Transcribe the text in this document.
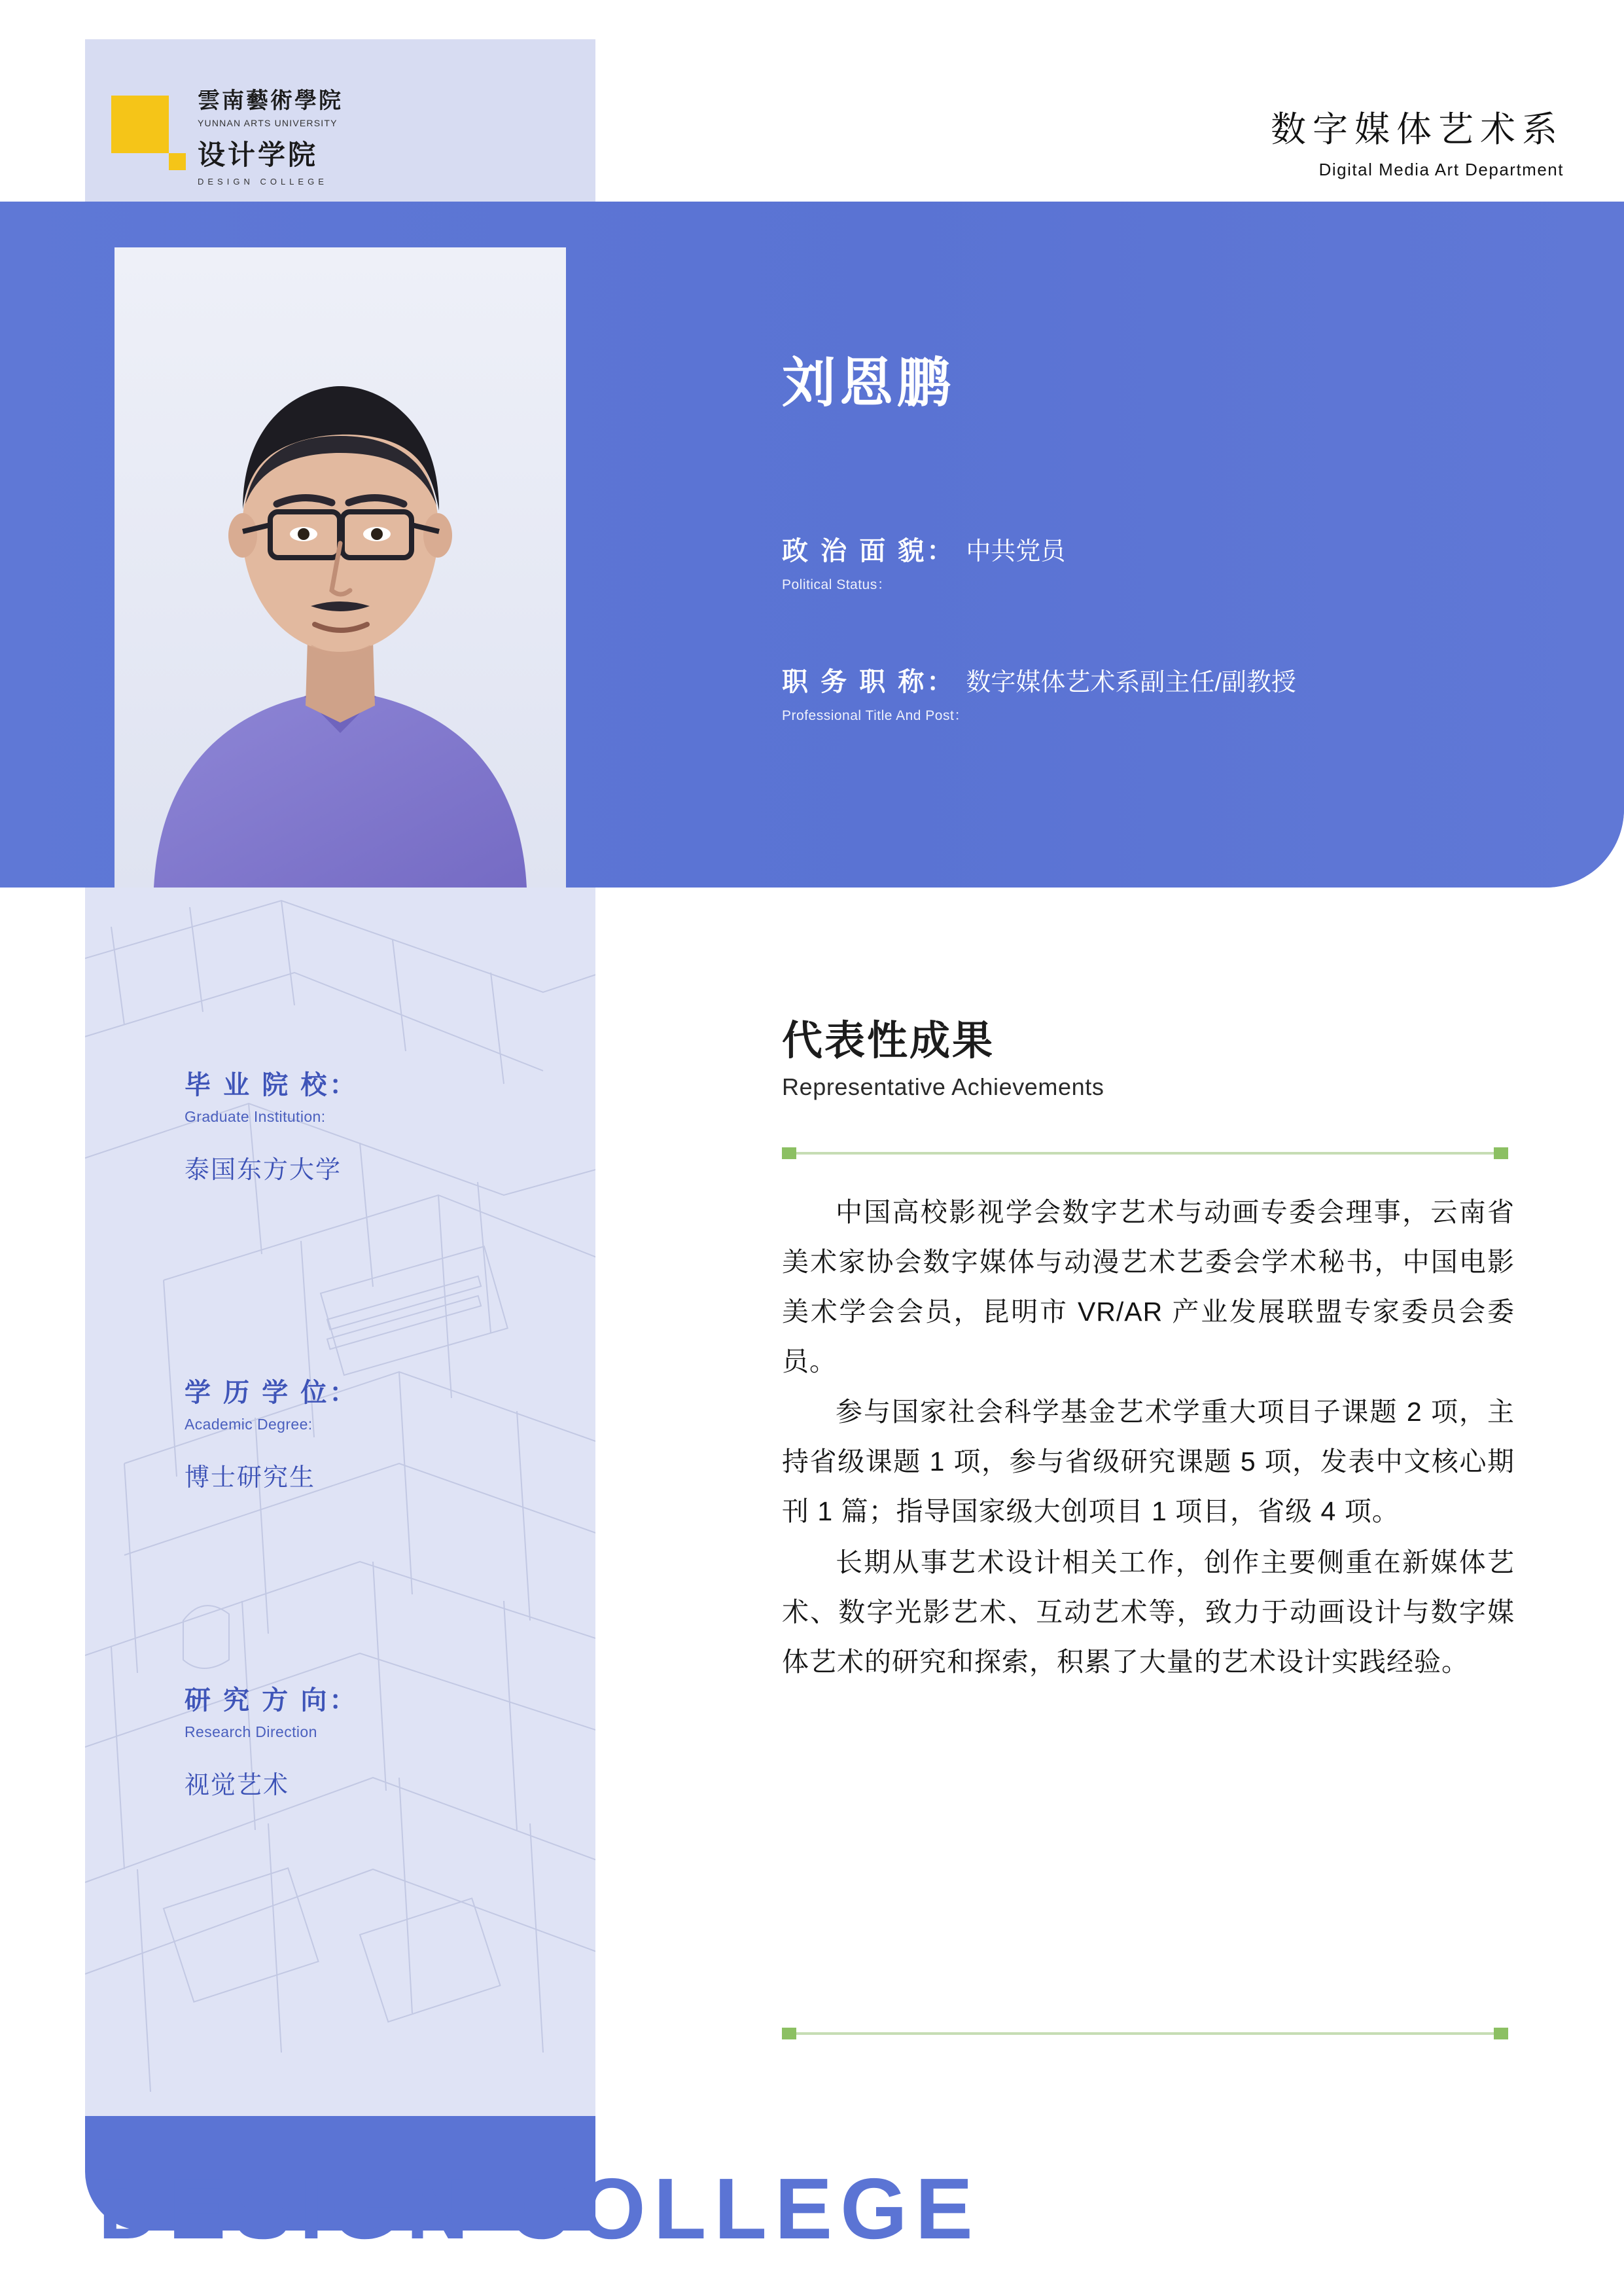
雲南藝術學院
YUNNAN ARTS UNIVERSITY
设计学院
DESIGN COLLEGE
数字媒体艺术系
Digital Media Art Department
刘恩鹏
政 治 面 貌： 中共党员
Political Status：
职 务 职 称： 数字媒体艺术系副主任/副教授
Professional Title And Post：
毕 业 院 校：
Graduate Institution:
泰国东方大学
学 历 学 位：
Academic Degree:
博士研究生
研 究 方 向：
Research Direction
视觉艺术
代表性成果
Representative Achievements

中国高校影视学会数字艺术与动画专委会理事，云南省美术家协会数字媒体与动漫艺术艺委会学术秘书，中国电影美术学会会员，昆明市 VR/AR 产业发展联盟专家委员会委员。

参与国家社会科学基金艺术学重大项目子课题 2 项，主持省级课题 1 项，参与省级研究课题 5 项，发表中文核心期刊 1 篇；指导国家级大创项目 1 项目，省级 4 项。

长期从事艺术设计相关工作，创作主要侧重在新媒体艺术、数字光影艺术、互动艺术等，致力于动画设计与数字媒体艺术的研究和探索，积累了大量的艺术设计实践经验。

DESIGN COLLEGE
